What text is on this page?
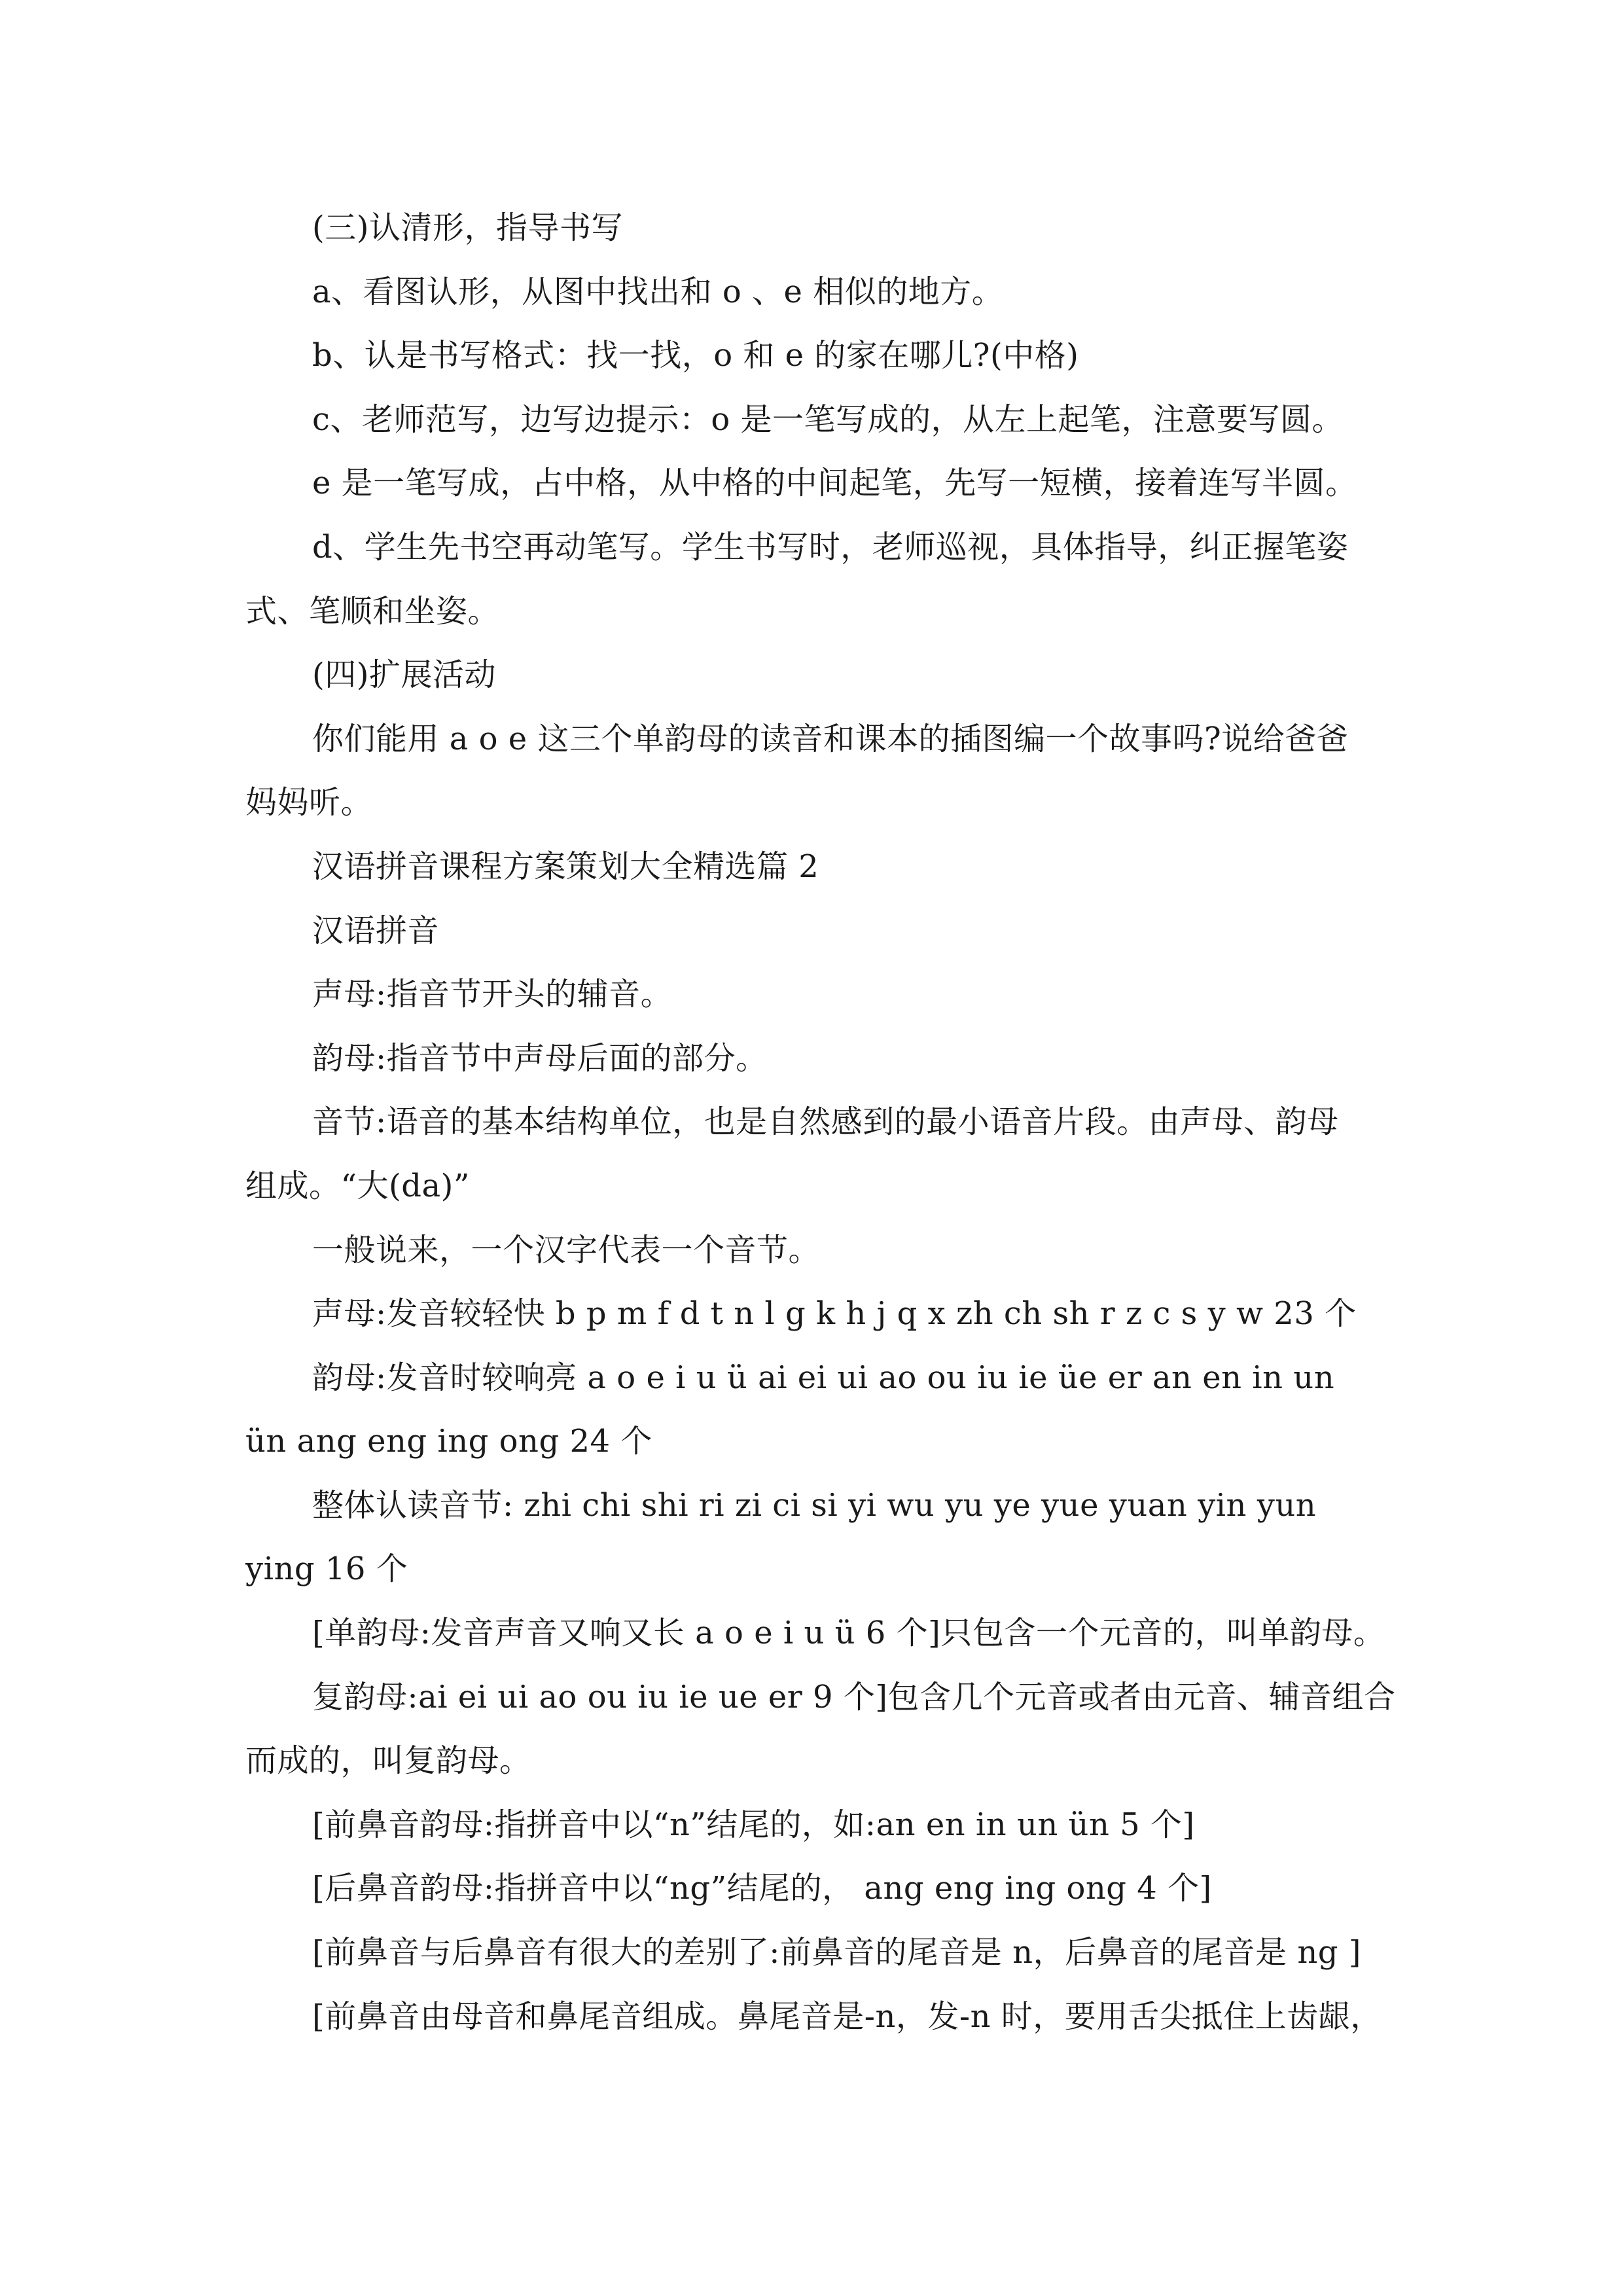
(三)认清形，指导书写
a、看图认形，从图中找出和 o 、e 相似的地方。
b、认是书写格式：找一找，o 和 e 的家在哪儿?(中格)
c、老师范写，边写边提示：o 是一笔写成的，从左上起笔，注意要写圆。
e 是一笔写成，占中格，从中格的中间起笔，先写一短横，接着连写半圆。
d、学生先书空再动笔写。学生书写时，老师巡视，具体指导，纠正握笔姿
式、笔顺和坐姿。
(四)扩展活动
你们能用 a o e 这三个单韵母的读音和课本的插图编一个故事吗?说给爸爸
妈妈听。
汉语拼音课程方案策划大全精选篇 2
汉语拼音
声母:指音节开头的辅音。
韵母:指音节中声母后面的部分。
音节:语音的基本结构单位，也是自然感到的最小语音片段。由声母、韵母
组成。“大(da)”
一般说来，一个汉字代表一个音节。
声母:发音较轻快 b p m f d t n l g k h j q x zh ch sh r z c s y w 23 个
韵母:发音时较响亮 a o e i u ü ai ei ui ao ou iu ie üe er an en in un
ün ang eng ing ong 24 个
整体认读音节: zhi chi shi ri zi ci si yi wu yu ye yue yuan yin yun
ying 16 个
[单韵母:发音声音又响又长 a o e i u ü 6 个]只包含一个元音的，叫单韵母。
复韵母:ai ei ui ao ou iu ie ue er 9 个]包含几个元音或者由元音、辅音组合
而成的，叫复韵母。
[前鼻音韵母:指拼音中以“n”结尾的，如:an en in un ün 5 个]
[后鼻音韵母:指拼音中以“ng”结尾的， ang eng ing ong 4 个]
[前鼻音与后鼻音有很大的差别了:前鼻音的尾音是 n，后鼻音的尾音是 ng ]
[前鼻音由母音和鼻尾音组成。鼻尾音是-n，发-n 时，要用舌尖抵住上齿龈，
